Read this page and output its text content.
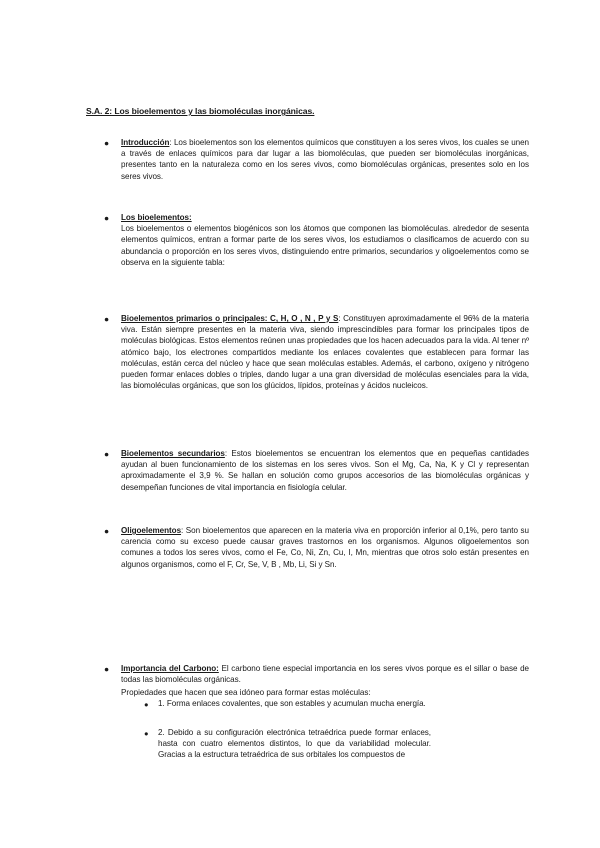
S.A. 2: Los bioelementos y las biomoléculas inorgánicas.
● Introducción: Los bioelementos son los elementos químicos que constituyen a los seres vivos, los cuales se unen a través de enlaces químicos para dar lugar a las biomoléculas, que pueden ser biomoléculas inorgánicas, presentes tanto en la naturaleza como en los seres vivos, como biomoléculas orgánicas, presentes solo en los seres vivos.
● Los bioelementos:
Los bioelementos o elementos biogénicos son los átomos que componen las biomoléculas. alrededor de sesenta elementos químicos, entran a formar parte de los seres vivos, los estudiamos o clasificamos de acuerdo con su abundancia o proporción en los seres vivos, distinguiendo entre primarios, secundarios y oligoelementos como se observa en la siguiente tabla:
● Bioelementos primarios o principales: C, H, O , N , P y S: Constituyen aproximadamente el 96% de la materia viva. Están siempre presentes en la materia viva, siendo imprescindibles para formar los principales tipos de moléculas biológicas. Estos elementos reúnen unas propiedades que los hacen adecuados para la vida. Al tener nº atómico bajo, los electrones compartidos mediante los enlaces covalentes que establecen para formar las moléculas, están cerca del núcleo y hace que sean moléculas estables. Además, el carbono, oxígeno y nitrógeno pueden formar enlaces dobles o triples, dando lugar a una gran diversidad de moléculas esenciales para la vida, las biomoléculas orgánicas, que son los glúcidos, lípidos, proteínas y ácidos nucleicos.
● Bioelementos secundarios: Estos bioelementos se encuentran los elementos que en pequeñas cantidades ayudan al buen funcionamiento de los sistemas en los seres vivos. Son el Mg, Ca, Na, K y Cl y representan aproximadamente el 3,9 %. Se hallan en solución como grupos accesorios de las biomoléculas orgánicas y desempeñan funciones de vital importancia en fisiología celular.
● Oligoelementos: Son bioelementos que aparecen en la materia viva en proporción inferior al 0,1%, pero tanto su carencia como su exceso puede causar graves trastornos en los organismos. Algunos oligoelementos son comunes a todos los seres vivos, como el Fe, Co, Ni, Zn, Cu, I, Mn, mientras que otros solo están presentes en algunos organismos, como el F, Cr, Se, V, B , Mb, Li, Si y Sn.
● Importancia del Carbono: El carbono tiene especial importancia en los seres vivos porque es el sillar o base de todas las biomoléculas orgánicas.
Propiedades que hacen que sea idóneo para formar estas moléculas:
● 1. Forma enlaces covalentes, que son estables y acumulan mucha energía.
● 2. Debido a su configuración electrónica tetraédrica puede formar enlaces, hasta con cuatro elementos distintos, lo que da variabilidad molecular. Gracias a la estructura tetraédrica de sus orbitales los compuestos de
